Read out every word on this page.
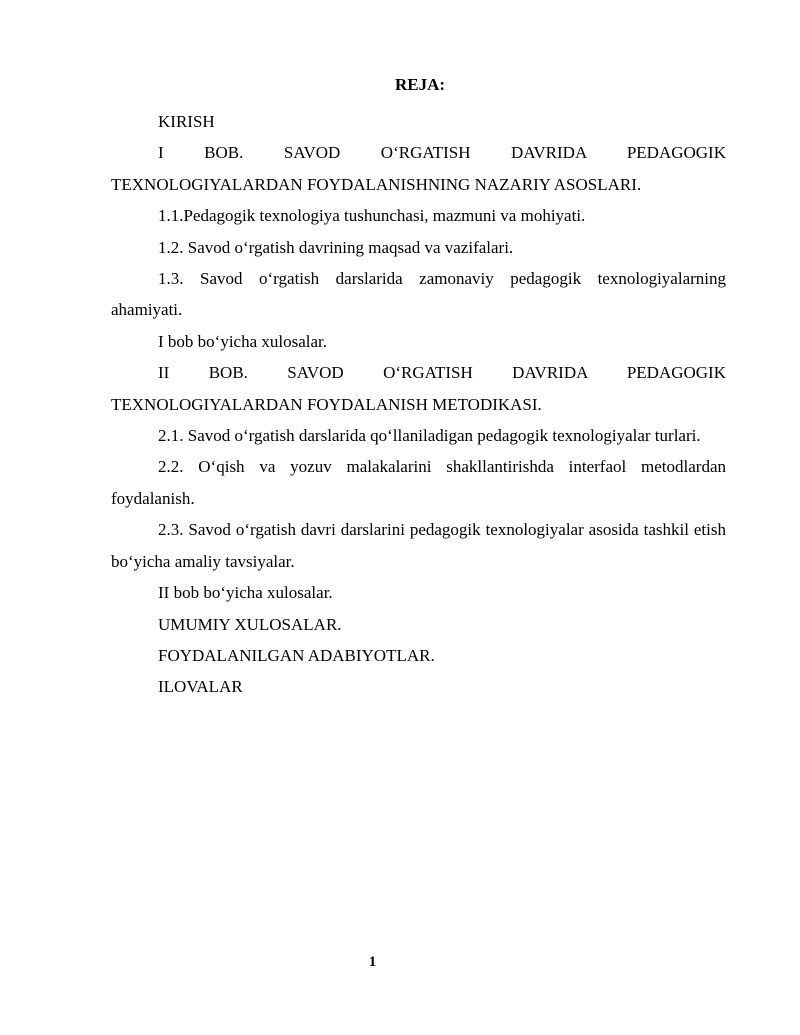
REJA:

KIRISH

I BOB. SAVOD O‘RGATISH DAVRIDA PEDAGOGIK TEXNOLOGIYALARDAN FOYDALANISHNING NAZARIY ASOSLARI.

1.1.Pedagogik texnologiya tushunchasi, mazmuni va mohiyati.

1.2. Savod o‘rgatish davrining maqsad va vazifalari.

1.3. Savod o‘rgatish darslarida zamonaviy pedagogik texnologiyalarning ahamiyati.

I bob bo‘yicha xulosalar.

II BOB. SAVOD O‘RGATISH DAVRIDA PEDAGOGIK TEXNOLOGIYALARDAN FOYDALANISH METODIKASI.

2.1. Savod o‘rgatish darslarida qo‘llaniladigan pedagogik texnologiyalar turlari.

2.2. O‘qish va yozuv malakalarini shakllantirishda interfaol metodlardan foydalanish.

2.3. Savod o‘rgatish davri darslarini pedagogik texnologiyalar asosida tashkil etish bo‘yicha amaliy tavsiyalar.

II bob bo‘yicha xulosalar.

UMUMIY XULOSALAR.

FOYDALANILGAN ADABIYOTLAR.

ILOVALAR

1
